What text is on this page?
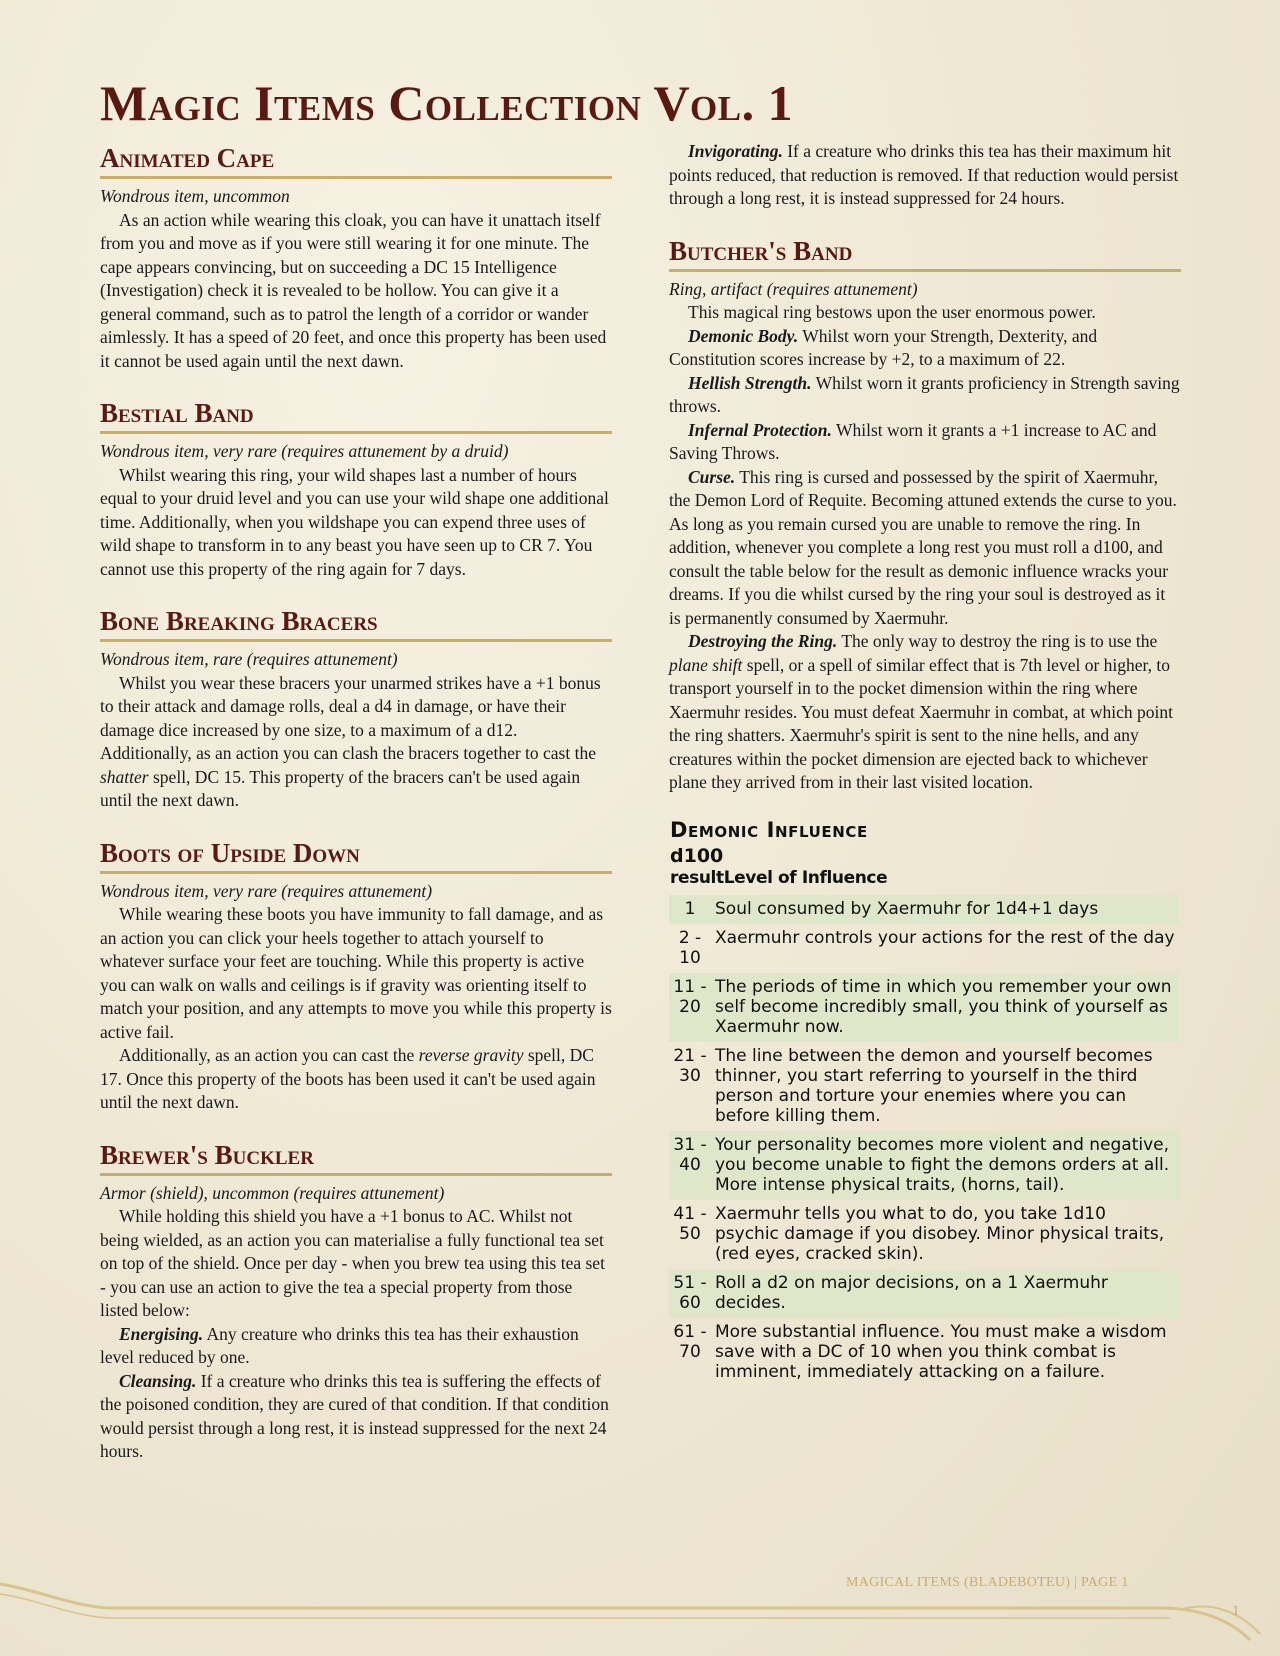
Magic Items Collection Vol. 1
Animated Cape

Wondrous item, uncommon

As an action while wearing this cloak, you can have it unattach itself from you and move as if you were still wearing it for one minute. The cape appears convincing, but on succeeding a DC 15 Intelligence (Investigation) check it is revealed to be hollow. You can give it a general command, such as to patrol the length of a corridor or wander aimlessly. It has a speed of 20 feet, and once this property has been used it cannot be used again until the next dawn.

Bestial Band

Wondrous item, very rare (requires attunement by a druid)

Whilst wearing this ring, your wild shapes last a number of hours equal to your druid level and you can use your wild shape one additional time. Additionally, when you wildshape you can expend three uses of wild shape to transform in to any beast you have seen up to CR 7. You cannot use this property of the ring again for 7 days.

Bone Breaking Bracers

Wondrous item, rare (requires attunement)

Whilst you wear these bracers your unarmed strikes have a +1 bonus to their attack and damage rolls, deal a d4 in damage, or have their damage dice increased by one size, to a maximum of a d12. Additionally, as an action you can clash the bracers together to cast the shatter spell, DC 15. This property of the bracers can't be used again until the next dawn.

Boots of Upside Down

Wondrous item, very rare (requires attunement)

While wearing these boots you have immunity to fall damage, and as an action you can click your heels together to attach yourself to whatever surface your feet are touching. While this property is active you can walk on walls and ceilings is if gravity was orienting itself to match your position, and any attempts to move you while this property is active fail.

Additionally, as an action you can cast the reverse gravity spell, DC 17. Once this property of the boots has been used it can't be used again until the next dawn.

Brewer's Buckler

Armor (shield), uncommon (requires attunement)

While holding this shield you have a +1 bonus to AC. Whilst not being wielded, as an action you can materialise a fully functional tea set on top of the shield. Once per day - when you brew tea using this tea set - you can use an action to give the tea a special property from those listed below:

Energising. Any creature who drinks this tea has their exhaustion level reduced by one.

Cleansing. If a creature who drinks this tea is suffering the effects of the poisoned condition, they are cured of that condition. If that condition would persist through a long rest, it is instead suppressed for the next 24 hours.

Invigorating. If a creature who drinks this tea has their maximum hit points reduced, that reduction is removed. If that reduction would persist through a long rest, it is instead suppressed for 24 hours.

Butcher's Band

Ring, artifact (requires attunement)

This magical ring bestows upon the user enormous power.

Demonic Body. Whilst worn your Strength, Dexterity, and Constitution scores increase by +2, to a maximum of 22.

Hellish Strength. Whilst worn it grants proficiency in Strength saving throws.

Infernal Protection. Whilst worn it grants a +1 increase to AC and Saving Throws.

Curse. This ring is cursed and possessed by the spirit of Xaermuhr, the Demon Lord of Requite. Becoming attuned extends the curse to you. As long as you remain cursed you are unable to remove the ring. In addition, whenever you complete a long rest you must roll a d100, and consult the table below for the result as demonic influence wracks your dreams. If you die whilst cursed by the ring your soul is destroyed as it is permanently consumed by Xaermuhr.

Destroying the Ring. The only way to destroy the ring is to use the plane shift spell, or a spell of similar effect that is 7th level or higher, to transport yourself in to the pocket dimension within the ring where Xaermuhr resides. You must defeat Xaermuhr in combat, at which point the ring shatters. Xaermuhr's spirit is sent to the nine hells, and any creatures within the pocket dimension are ejected back to whichever plane they arrived from in their last visited location.

Demonic Influence
d100
resultLevel of Influence
1	Soul consumed by Xaermuhr for 1d4+1 days
2 - 10	Xaermuhr controls your actions for the rest of the day
11 - 20	The periods of time in which you remember your own self become incredibly small, you think of yourself as Xaermuhr now.
21 - 30	The line between the demon and yourself becomes thinner, you start referring to yourself in the third person and torture your enemies where you can before killing them.
31 - 40	Your personality becomes more violent and negative, you become unable to fight the demons orders at all. More intense physical traits, (horns, tail).
41 - 50	Xaermuhr tells you what to do, you take 1d10 psychic damage if you disobey. Minor physical traits, (red eyes, cracked skin).
51 - 60	Roll a d2 on major decisions, on a 1 Xaermuhr decides.
61 - 70	More substantial influence. You must make a wisdom save with a DC of 10 when you think combat is imminent, immediately attacking on a failure.
MAGICAL ITEMS (BLADEBOTEU) | PAGE 1
1
